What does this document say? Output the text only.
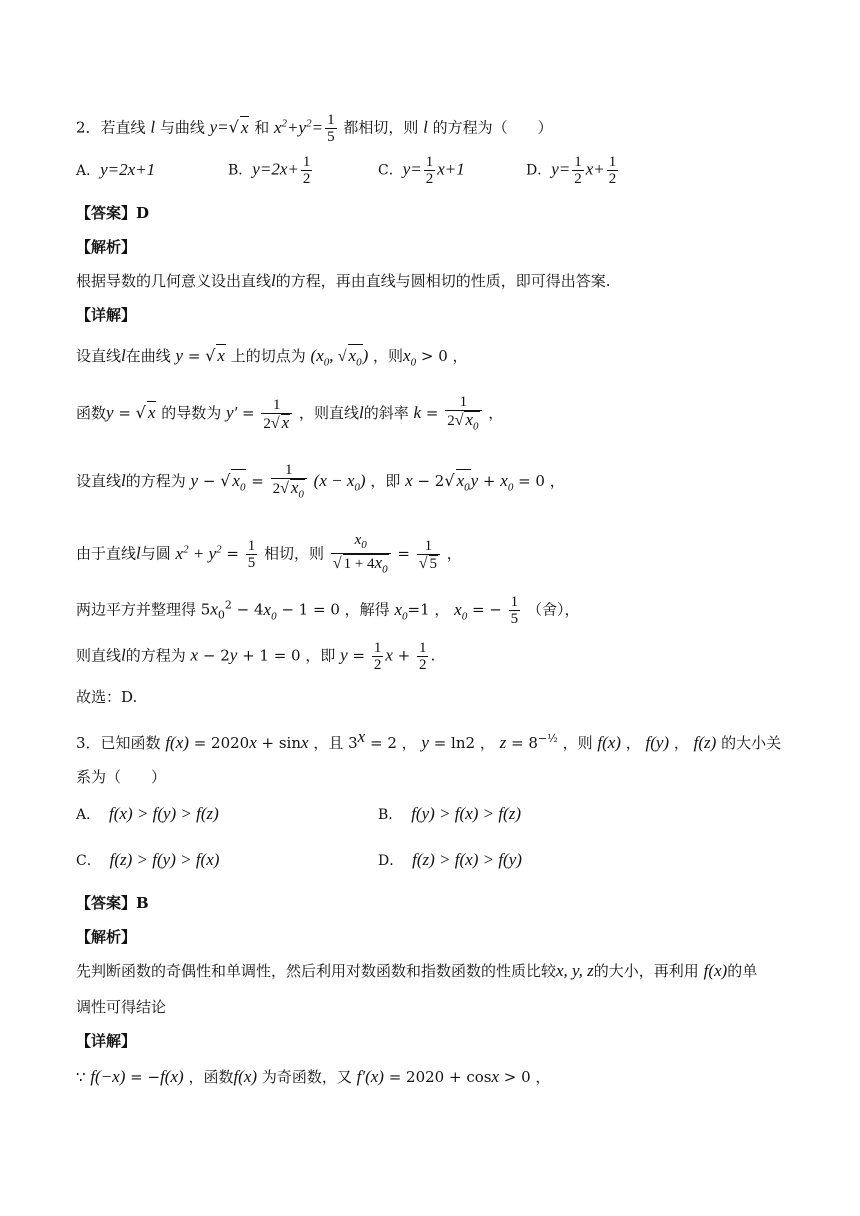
2．若直线 l 与曲线 y=√ x 和 $x^2+y^2= \frac{1}{5}$ 都相切，则 l 的方程为（　　）
A．y=2x+1	B．$y=2x+ \frac{1}{2}$	C．$y= \frac{1}{2} x+1$	D．$y= \frac{1}{2} x+ \frac{1}{2}$
【答案】D
【解析】
根据导数的几何意义设出直线l的方程，再由直线与圆相切的性质，即可得出答案.
【详解】
设直线l在曲线 y = √ x 上的切点为 ($x_0$, √ $x_0$) ，则$x_0 > 0$ ，
函数y = √ x 的导数为 $y' = \frac{1}{2√ x}$ ，则直线l的斜率 $k = \frac{1}{2√ x_0}$ ，
设直线l的方程为 y − √ $x_0 = \frac{1}{2√ x_0} (x - x_0)$ ，即 x − 2√ $x_0y + x_0 = 0$ ，
由于直线l与圆 $x^2 + y^2 = \frac{1}{5}$ 相切，则 $\frac{x_0}{√ 1 + 4x_0} = \frac{1}{√ 5}$ ，
两边平方并整理得 $5x_0^2 - 4x_0 - 1 = 0$ ，解得 $x_0=1$ ， $x_0$ = − $\frac{1}{5}$ （舍），
则直线l的方程为 x − 2y + 1 = 0 ，即 $y = \frac{1}{2}$ $x + \frac{1}{2}$ .
故选：D.
3．已知函数 f(x) = 2020x + sinx ，且 $3^x = 2$ ， y = ln2 ， $z = 8^{-\frac{1}{2}}$ ，则 f(x) ， f(y) ， f(z) 的大小关
系为（　　）
A． f(x) > f(y) > f(z)	B． f(y) > f(x) > f(z)
C． f(z) > f(y) > f(x)	D． f(z) > f(x) > f(y)
【答案】B
【解析】
先判断函数的奇偶性和单调性，然后利用对数函数和指数函数的性质比较x, y, z的大小，再利用 f(x)的单
调性可得结论
【详解】
∵ f(−x) = −f(x) ，函数f(x) 为奇函数，又 f′(x) = 2020 + cosx > 0 ，
